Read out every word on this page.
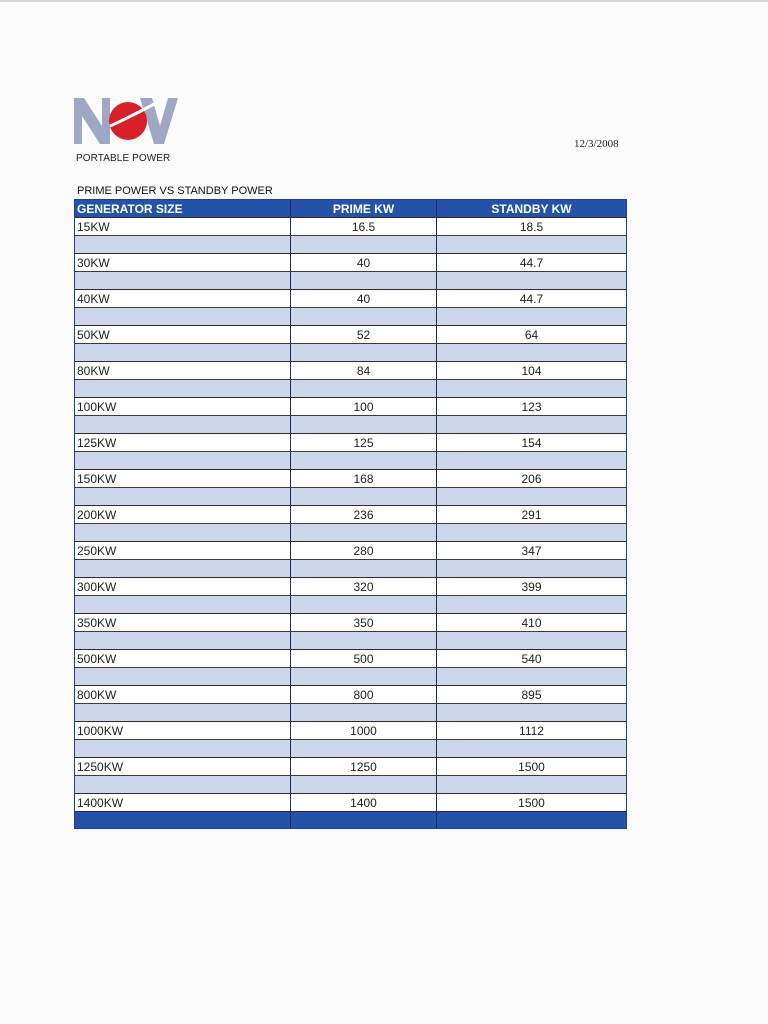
PORTABLE POWER
12/3/2008
PRIME POWER VS STANDBY POWER
GENERATOR SIZE	PRIME KW	STANDBY KW
15KW	16.5	18.5
30KW	40	44.7
40KW	40	44.7
50KW	52	64
80KW	84	104
100KW	100	123
125KW	125	154
150KW	168	206
200KW	236	291
250KW	280	347
300KW	320	399
350KW	350	410
500KW	500	540
800KW	800	895
1000KW	1000	1112
1250KW	1250	1500
1400KW	1400	1500
